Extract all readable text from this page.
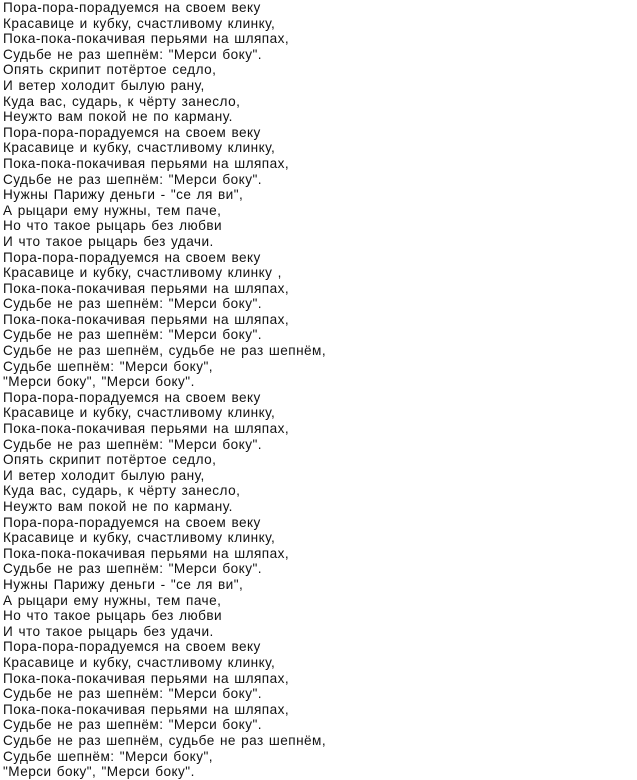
Пора-пора-порадуемся на своем веку
Красавице и кубку, счастливому клинку,
Пока-пока-покачивая перьями на шляпах,
Судьбе не раз шепнём: "Мерси боку".
Опять скрипит потёртое седло,
И ветер холодит былую рану,
Куда вас, сударь, к чёрту занесло,
Неужто вам покой не по карману.
Пора-пора-порадуемся на своем веку
Красавице и кубку, счастливому клинку,
Пока-пока-покачивая перьями на шляпах,
Судьбе не раз шепнём: "Мерси боку".
Нужны Парижу деньги - "се ля ви",
А рыцари ему нужны, тем паче,
Но что такое рыцарь без любви
И что такое рыцарь без удачи.
Пора-пора-порадуемся на своем веку
Красавице и кубку, счастливому клинку ,
Пока-пока-покачивая перьями на шляпах,
Судьбе не раз шепнём: "Мерси боку".
Пока-пока-покачивая перьями на шляпах,
Судьбе не раз шепнём: "Мерси боку".
Судьбе не раз шепнём, судьбе не раз шепнём,
Судьбе шепнём: "Мерси боку",
"Мерси боку", "Мерси боку".
Пора-пора-порадуемся на своем веку
Красавице и кубку, счастливому клинку,
Пока-пока-покачивая перьями на шляпах,
Судьбе не раз шепнём: "Мерси боку".
Опять скрипит потёртое седло,
И ветер холодит былую рану,
Куда вас, сударь, к чёрту занесло,
Неужто вам покой не по карману.
Пора-пора-порадуемся на своем веку
Красавице и кубку, счастливому клинку,
Пока-пока-покачивая перьями на шляпах,
Судьбе не раз шепнём: "Мерси боку".
Нужны Парижу деньги - "се ля ви",
А рыцари ему нужны, тем паче,
Но что такое рыцарь без любви
И что такое рыцарь без удачи.
Пора-пора-порадуемся на своем веку
Красавице и кубку, счастливому клинку,
Пока-пока-покачивая перьями на шляпах,
Судьбе не раз шепнём: "Мерси боку".
Пока-пока-покачивая перьями на шляпах,
Судьбе не раз шепнём: "Мерси боку".
Судьбе не раз шепнём, судьбе не раз шепнём,
Судьбе шепнём: "Мерси боку",
"Мерси боку", "Мерси боку".
